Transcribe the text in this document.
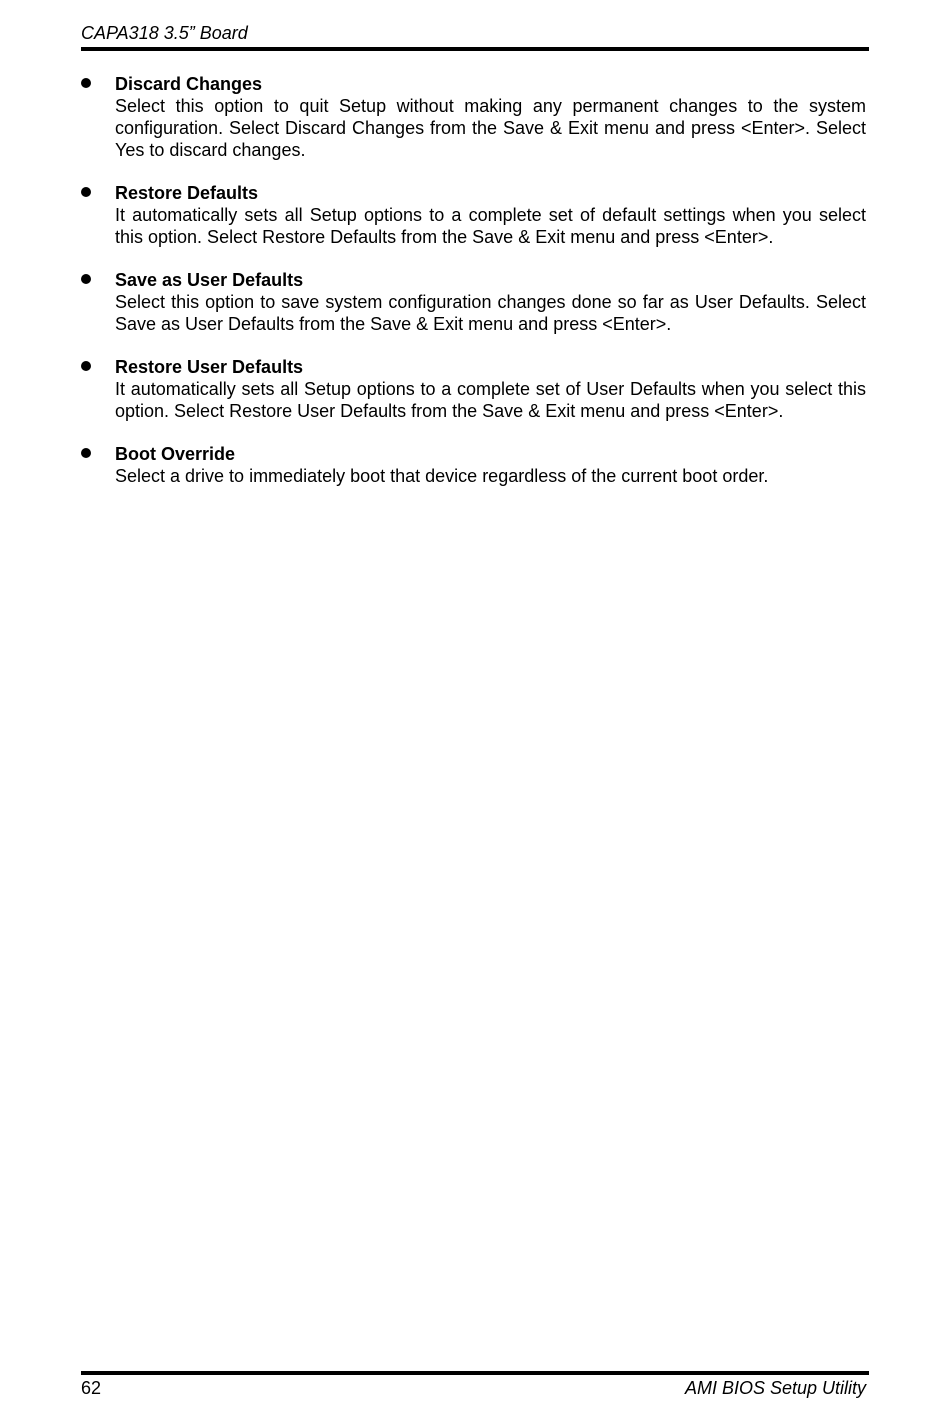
CAPA318 3.5” Board
Discard Changes
Select this option to quit Setup without making any permanent changes to the system configuration. Select Discard Changes from the Save & Exit menu and press <Enter>. Select Yes to discard changes.
Restore Defaults
It automatically sets all Setup options to a complete set of default settings when you select this option. Select Restore Defaults from the Save & Exit menu and press <Enter>.
Save as User Defaults
Select this option to save system configuration changes done so far as User Defaults. Select Save as User Defaults from the Save & Exit menu and press <Enter>.
Restore User Defaults
It automatically sets all Setup options to a complete set of User Defaults when you select this option. Select Restore User Defaults from the Save & Exit menu and press <Enter>.
Boot Override
Select a drive to immediately boot that device regardless of the current boot order.
62	AMI BIOS Setup Utility
